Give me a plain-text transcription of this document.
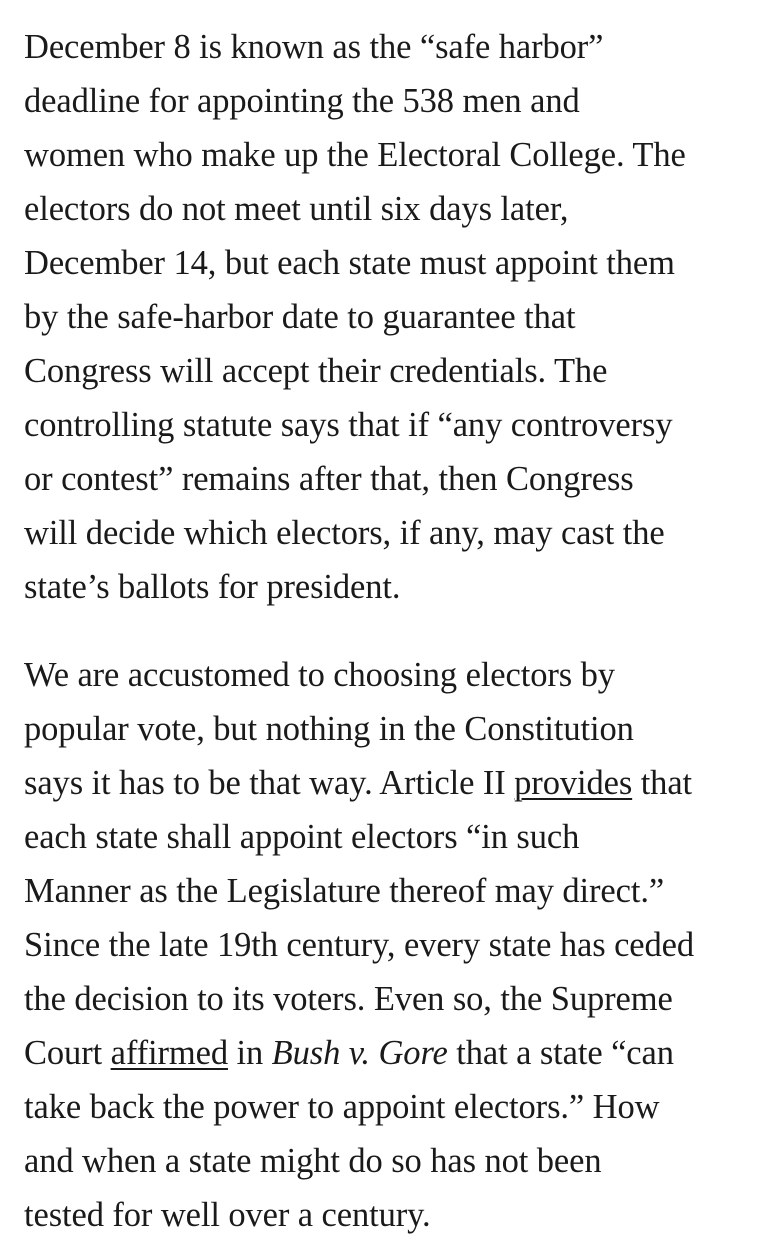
December 8 is known as the “safe harbor”
deadline for appointing the 538 men and
women who make up the Electoral College. The
electors do not meet until six days later,
December 14, but each state must appoint them
by the safe-harbor date to guarantee that
Congress will accept their credentials. The
controlling statute says that if “any controversy
or contest” remains after that, then Congress
will decide which electors, if any, may cast the
state’s ballots for president.

We are accustomed to choosing electors by
popular vote, but nothing in the Constitution
says it has to be that way. Article II provides that
each state shall appoint electors “in such
Manner as the Legislature thereof may direct.”
Since the late 19th century, every state has ceded
the decision to its voters. Even so, the Supreme
Court affirmed in Bush v. Gore that a state “can
take back the power to appoint electors.” How
and when a state might do so has not been
tested for well over a century.
